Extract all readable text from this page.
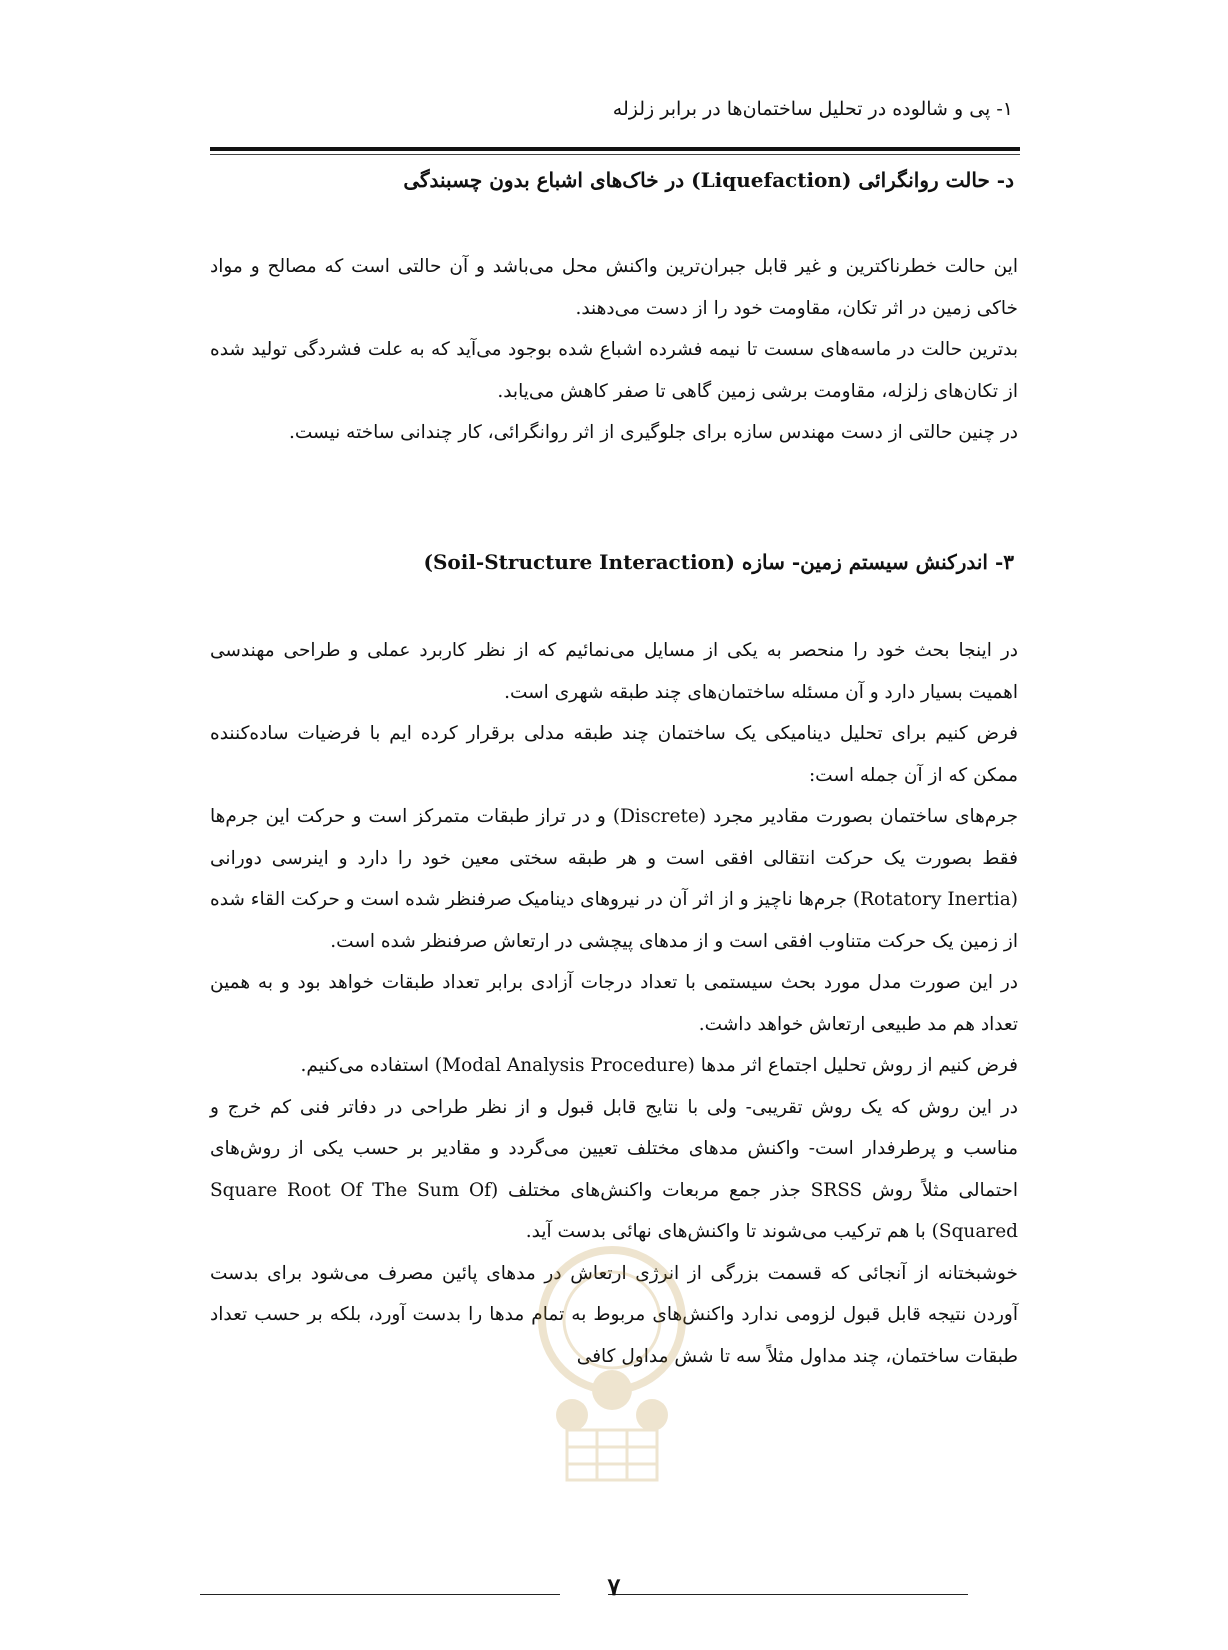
۱- پی و شالوده در تحلیل ساختمان‌ها در برابر زلزله
د- حالت روانگرائی (Liquefaction) در خاک‌های اشباع بدون چسبندگی

این حالت خطرناکترین و غیر قابل جبران‌ترین واکنش محل می‌باشد و آن حالتی است که مصالح و مواد خاکی زمین در اثر تکان، مقاومت خود را از دست می‌دهند.

بدترین حالت در ماسه‌های سست تا نیمه فشرده اشباع شده بوجود می‌آید که به علت فشردگی تولید شده از تکان‌های زلزله، مقاومت برشی زمین گاهی تا صفر کاهش می‌یابد.

در چنین حالتی از دست مهندس سازه برای جلوگیری از اثر روانگرائی، کار چندانی ساخته نیست.

۳- اندرکنش سیستم زمین- سازه (Soil-Structure Interaction)

در اینجا بحث خود را منحصر به یکی از مسایل می‌نمائیم که از نظر کاربرد عملی و طراحی مهندسی اهمیت بسیار دارد و آن مسئله ساختمان‌های چند طبقه شهری است.

فرض کنیم برای تحلیل دینامیکی یک ساختمان چند طبقه مدلی برقرار کرده ایم با فرضیات ساده‌کننده ممکن که از آن جمله است:

جرم‌های ساختمان بصورت مقادیر مجرد (Discrete) و در تراز طبقات متمرکز است و حرکت این جرم‌ها فقط بصورت یک حرکت انتقالی افقی است و هر طبقه سختی معین خود را دارد و اینرسی دورانی (Rotatory Inertia) جرم‌ها ناچیز و از اثر آن در نیروهای دینامیک صرفنظر شده است و حرکت القاء شده از زمین یک حرکت متناوب افقی است و از مدهای پیچشی در ارتعاش صرفنظر شده است.

در این صورت مدل مورد بحث سیستمی با تعداد درجات آزادی برابر تعداد طبقات خواهد بود و به همین تعداد هم مد طبیعی ارتعاش خواهد داشت.

فرض کنیم از روش تحلیل اجتماع اثر مدها (Modal Analysis Procedure) استفاده می‌کنیم.

در این روش که یک روش تقریبی- ولی با نتایج قابل قبول و از نظر طراحی در دفاتر فنی کم خرج و مناسب و پرطرفدار است- واکنش مدهای مختلف تعیین می‌گردد و مقادیر بر حسب یکی از روش‌های احتمالی مثلاً روش SRSS جذر جمع مربعات واکنش‌های مختلف (Square Root Of The Sum Of Squared) با هم ترکیب می‌شوند تا واکنش‌های نهائی بدست آید.

خوشبختانه از آنجائی که قسمت بزرگی از انرژی ارتعاش در مدهای پائین مصرف می‌شود برای بدست آوردن نتیجه قابل قبول لزومی ندارد واکنش‌های مربوط به تمام مدها را بدست آورد، بلکه بر حسب تعداد طبقات ساختمان، چند مداول مثلاً سه تا شش مداول کافی

۷
